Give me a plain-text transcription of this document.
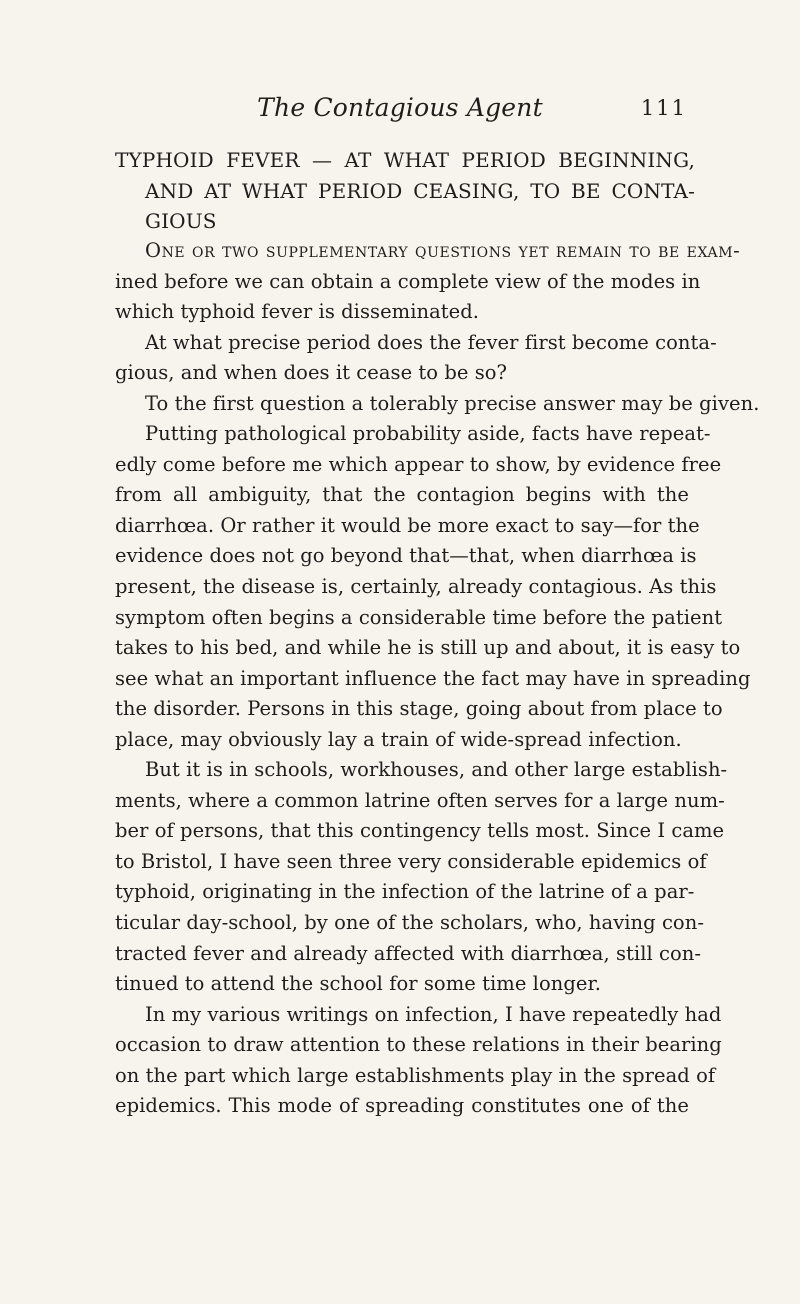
The Contagious Agent	111
TYPHOID FEVER — AT WHAT PERIOD BEGINNING,
AND AT WHAT PERIOD CEASING, TO BE CONTA-
GIOUS
One or two supplementary questions yet remain to be exam-
ined before we can obtain a complete view of the modes in
which typhoid fever is disseminated.
At what precise period does the fever first become conta-
gious, and when does it cease to be so?
To the first question a tolerably precise answer may be given.
Putting pathological probability aside, facts have repeat-
edly come before me which appear to show, by evidence free
from all ambiguity, that the contagion begins with the
diarrhœa. Or rather it would be more exact to say—for the
evidence does not go beyond that—that, when diarrhœa is
present, the disease is, certainly, already contagious. As this
symptom often begins a considerable time before the patient
takes to his bed, and while he is still up and about, it is easy to
see what an important influence the fact may have in spreading
the disorder. Persons in this stage, going about from place to
place, may obviously lay a train of wide-spread infection.
But it is in schools, workhouses, and other large establish-
ments, where a common latrine often serves for a large num-
ber of persons, that this contingency tells most. Since I came
to Bristol, I have seen three very considerable epidemics of
typhoid, originating in the infection of the latrine of a par-
ticular day-school, by one of the scholars, who, having con-
tracted fever and already affected with diarrhœa, still con-
tinued to attend the school for some time longer.
In my various writings on infection, I have repeatedly had
occasion to draw attention to these relations in their bearing
on the part which large establishments play in the spread of
epidemics. This mode of spreading constitutes one of the
